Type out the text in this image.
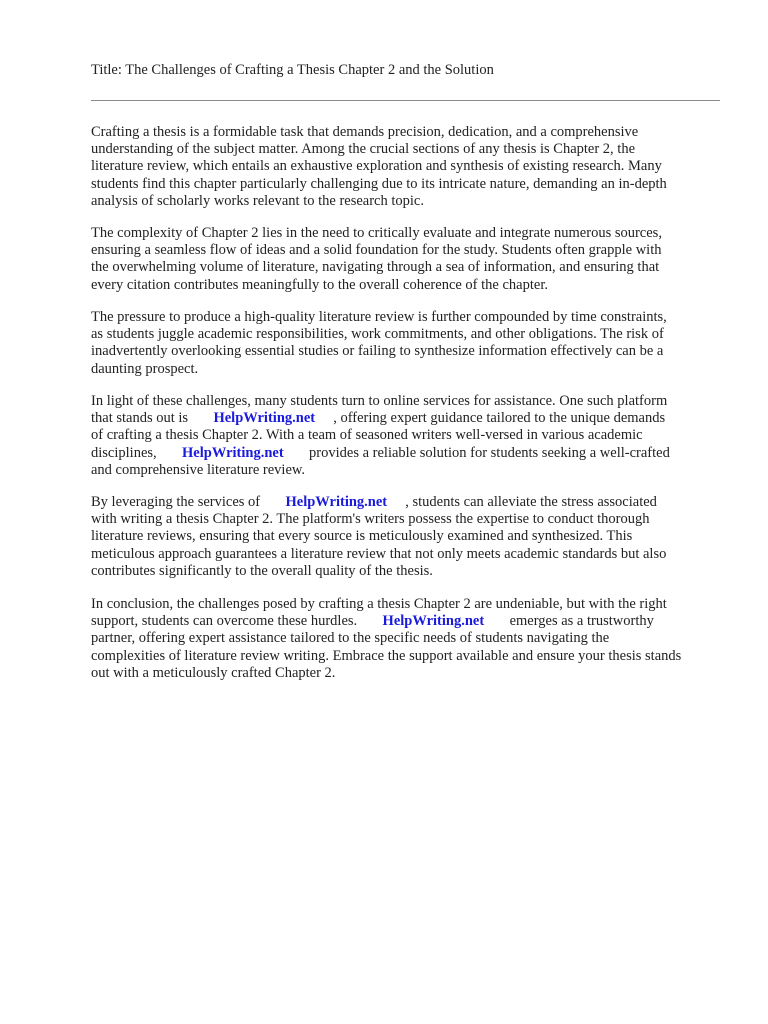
Title: The Challenges of Crafting a Thesis Chapter 2 and the Solution
Crafting a thesis is a formidable task that demands precision, dedication, and a comprehensive
understanding of the subject matter. Among the crucial sections of any thesis is Chapter 2, the
literature review, which entails an exhaustive exploration and synthesis of existing research. Many
students find this chapter particularly challenging due to its intricate nature, demanding an in-depth
analysis of scholarly works relevant to the research topic.
The complexity of Chapter 2 lies in the need to critically evaluate and integrate numerous sources,
ensuring a seamless flow of ideas and a solid foundation for the study. Students often grapple with
the overwhelming volume of literature, navigating through a sea of information, and ensuring that
every citation contributes meaningfully to the overall coherence of the chapter.
The pressure to produce a high-quality literature review is further compounded by time constraints,
as students juggle academic responsibilities, work commitments, and other obligations. The risk of
inadvertently overlooking essential studies or failing to synthesize information effectively can be a
daunting prospect.
In light of these challenges, many students turn to online services for assistance. One such platform
that stands out is HelpWriting.net , offering expert guidance tailored to the unique demands
of crafting a thesis Chapter 2. With a team of seasoned writers well-versed in various academic
disciplines, HelpWriting.net provides a reliable solution for students seeking a well-crafted
and comprehensive literature review.
By leveraging the services of HelpWriting.net , students can alleviate the stress associated
with writing a thesis Chapter 2. The platform's writers possess the expertise to conduct thorough
literature reviews, ensuring that every source is meticulously examined and synthesized. This
meticulous approach guarantees a literature review that not only meets academic standards but also
contributes significantly to the overall quality of the thesis.
In conclusion, the challenges posed by crafting a thesis Chapter 2 are undeniable, but with the right
support, students can overcome these hurdles. HelpWriting.net emerges as a trustworthy
partner, offering expert assistance tailored to the specific needs of students navigating the
complexities of literature review writing. Embrace the support available and ensure your thesis stands
out with a meticulously crafted Chapter 2.
